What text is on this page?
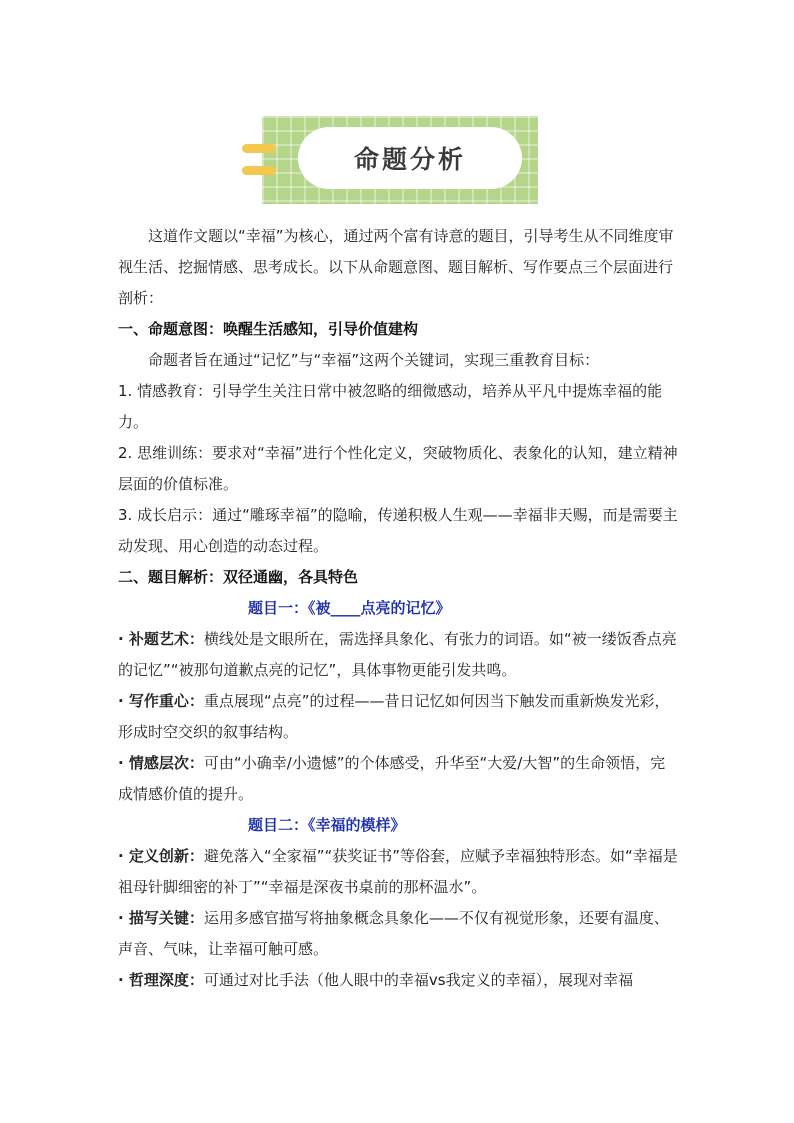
命题分析

这道作文题以“幸福”为核心，通过两个富有诗意的题目，引导考生从不同维度审视生活、挖掘情感、思考成长。以下从命题意图、题目解析、写作要点三个层面进行剖析：

一、命题意图：唤醒生活感知，引导价值建构

命题者旨在通过“记忆”与“幸福”这两个关键词，实现三重教育目标：

1. 情感教育：引导学生关注日常中被忽略的细微感动，培养从平凡中提炼幸福的能力。

2. 思维训练：要求对“幸福”进行个性化定义，突破物质化、表象化的认知，建立精神层面的价值标准。

3. 成长启示：通过“雕琢幸福”的隐喻，传递积极人生观——幸福非天赐，而是需要主动发现、用心创造的动态过程。

二、题目解析：双径通幽，各具特色

题目一：《被____点亮的记忆》

· 补题艺术：横线处是文眼所在，需选择具象化、有张力的词语。如“被一缕饭香点亮的记忆”“被那句道歉点亮的记忆”，具体事物更能引发共鸣。

· 写作重心：重点展现“点亮”的过程——昔日记忆如何因当下触发而重新焕发光彩，形成时空交织的叙事结构。

· 情感层次：可由“小确幸/小遗憾”的个体感受，升华至“大爱/大智”的生命领悟，完成情感价值的提升。

题目二：《幸福的模样》

· 定义创新：避免落入“全家福”“获奖证书”等俗套，应赋予幸福独特形态。如“幸福是祖母针脚细密的补丁”“幸福是深夜书桌前的那杯温水”。

· 描写关键：运用多感官描写将抽象概念具象化——不仅有视觉形象，还要有温度、声音、气味，让幸福可触可感。

· 哲理深度：可通过对比手法（他人眼中的幸福vs我定义的幸福），展现对幸福
